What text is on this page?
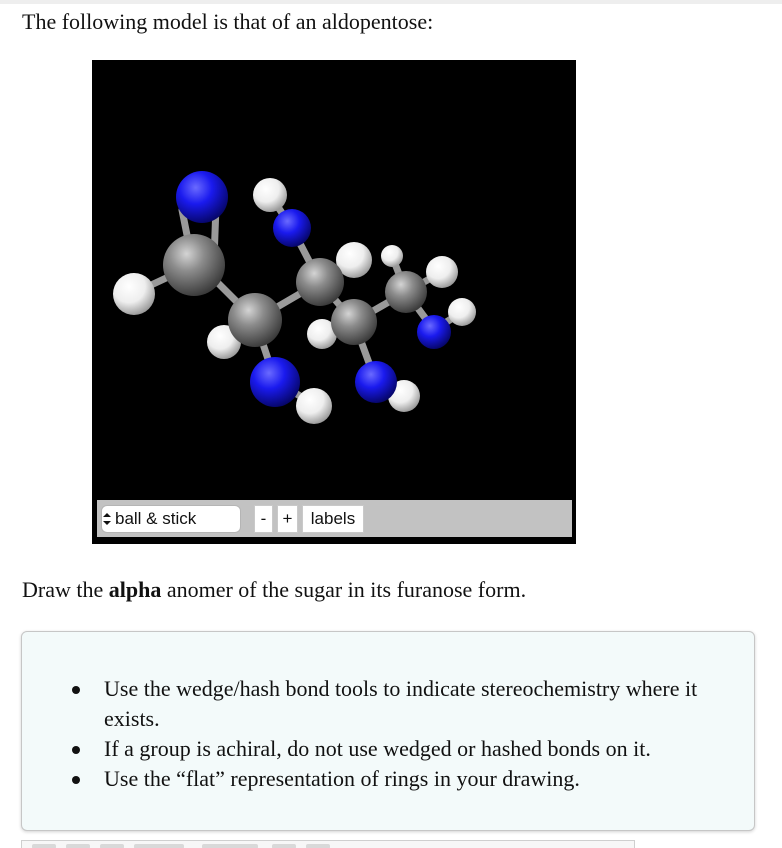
The following model is that of an aldopentose:
ball & stick	- +	labels
Draw the alpha anomer of the sugar in its furanose form.
Use the wedge/hash bond tools to indicate stereochemistry where it exists.
If a group is achiral, do not use wedged or hashed bonds on it.
Use the “flat” representation of rings in your drawing.
